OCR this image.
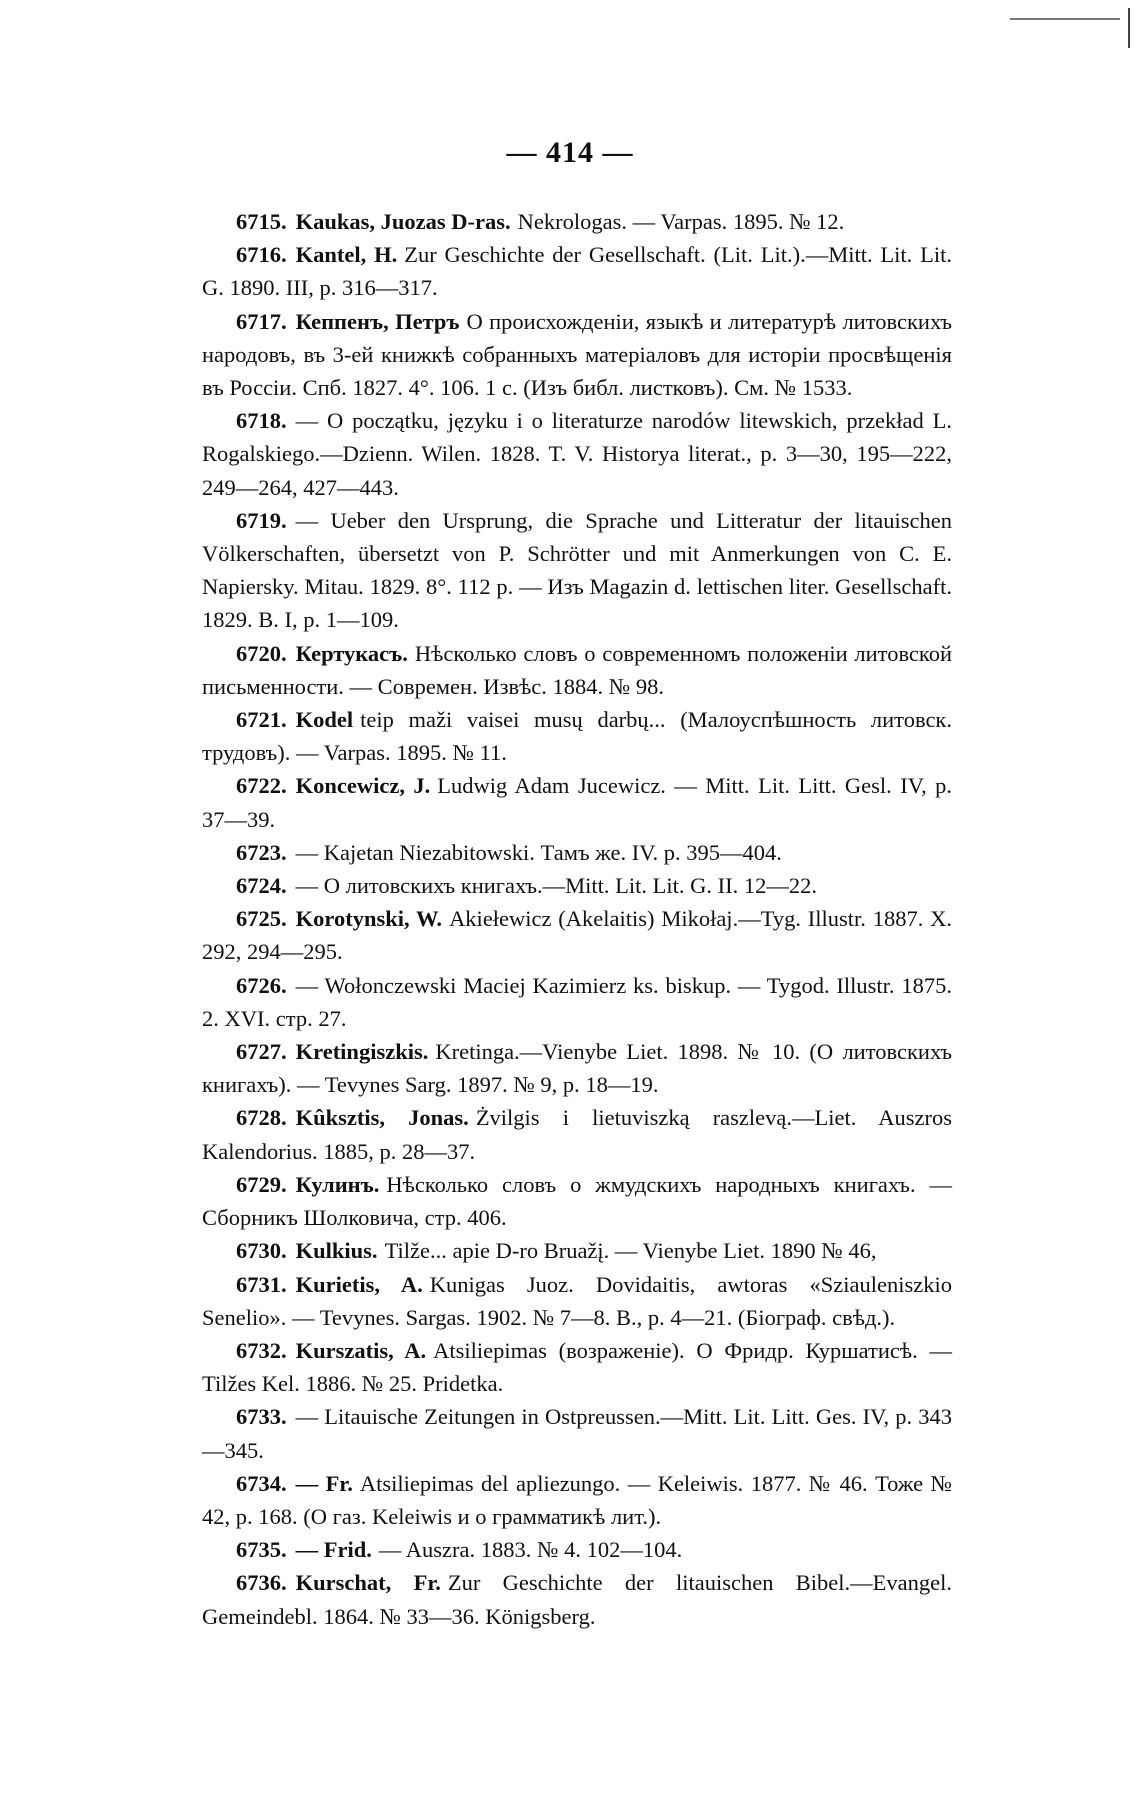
— 414 —

6715. Kaukas, Juozas D-ras. Nekrologas. — Varpas. 1895. № 12.

6716. Kantel, H. Zur Geschichte der Gesellschaft. (Lit. Lit.).—Mitt. Lit. Lit. G. 1890. III, p. 316—317.

6717. Кеппенъ, Петръ О происхожденіи, языкѣ и литературѣ литовскихъ народовъ, въ 3-ей книжкѣ собранныхъ матеріаловъ для исторіи просвѣщенія въ Россіи. Спб. 1827. 4°. 106. 1 с. (Изъ библ. листковъ). См. № 1533.

6718. — O początku, języku i o literaturze narodów litewskich, przekład L. Rogalskiego.—Dzienn. Wilen. 1828. T. V. Historya literat., p. 3—30, 195—222, 249—264, 427—443.

6719. — Ueber den Ursprung, die Sprache und Litteratur der litauischen Völkerschaften, übersetzt von P. Schrötter und mit Anmerkungen von C. E. Napiersky. Mitau. 1829. 8°. 112 p. — Изъ Magazin d. lettischen liter. Gesellschaft. 1829. B. I, p. 1—109.

6720. Кертукасъ. Нѣсколько словъ о современномъ положеніи литовской письменности. — Современ. Извѣс. 1884. № 98.

6721. Kodel teip maži vaisei musų darbų... (Малоуспѣшность литовск. трудовъ). — Varpas. 1895. № 11.

6722. Koncewicz, J. Ludwig Adam Jucewicz. — Mitt. Lit. Litt. Gesl. IV, p. 37—39.

6723. — Kajetan Niezabitowski. Тамъ же. IV. p. 395—404.

6724. — О литовскихъ книгахъ.—Mitt. Lit. Lit. G. II. 12—22.

6725. Korotynski, W. Akiełewicz (Akelaitis) Mikołaj.—Tyg. Illustr. 1887. X. 292, 294—295.

6726. — Wołonczewski Maciej Kazimierz ks. biskup. — Tygod. Illustr. 1875. 2. XVI. стр. 27.

6727. Kretingiszkis. Kretinga.—Vienybe Liet. 1898. № 10. (О литовскихъ книгахъ). — Tevynes Sarg. 1897. № 9, p. 18—19.

6728. Kûksztis, Jonas. Żvilgis i lietuviszką raszlevą.—Liet. Auszros Kalendorius. 1885, p. 28—37.

6729. Кулинъ. Нѣсколько словъ о жмудскихъ народныхъ книгахъ. — Сборникъ Шолковича, стр. 406.

6730. Kulkius. Tilže... apie D-ro Bruažį. — Vienybe Liet. 1890 № 46,

6731. Kurietis, A. Kunigas Juoz. Dovidaitis, awtoras «Sziauleniszkio Senelio». — Tevynes. Sargas. 1902. № 7—8. B., p. 4—21. (Біограф. свѣд.).

6732. Kurszatis, A. Atsiliepimas (возраженіе). О Фридр. Куршатисѣ. — Tilžes Kel. 1886. № 25. Pridetka.

6733. — Litauische Zeitungen in Ostpreussen.—Mitt. Lit. Litt. Ges. IV, p. 343—345.

6734. — Fr. Atsiliepimas del apliezungo. — Keleiwis. 1877. № 46. Тоже № 42, p. 168. (О газ. Keleiwis и о грамматикѣ лит.).

6735. — Frid. — Auszra. 1883. № 4. 102—104.

6736. Kurschat, Fr. Zur Geschichte der litauischen Bibel.—Evangel. Gemeindebl. 1864. № 33—36. Königsberg.
